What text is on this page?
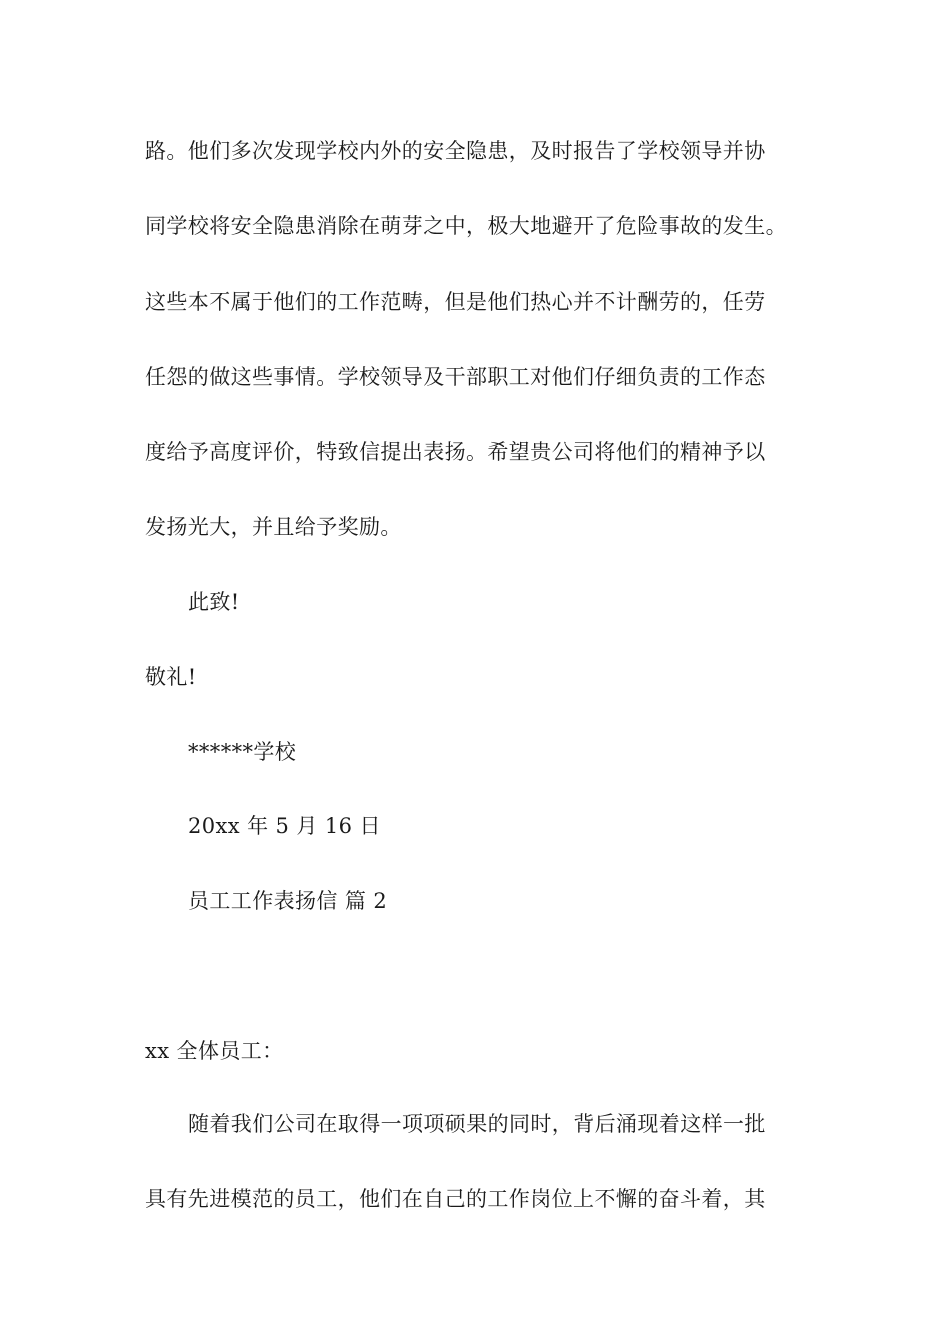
路。他们多次发现学校内外的安全隐患，及时报告了学校领导并协
同学校将安全隐患消除在萌芽之中，极大地避开了危险事故的发生。
这些本不属于他们的工作范畴，但是他们热心并不计酬劳的，任劳
任怨的做这些事情。学校领导及干部职工对他们仔细负责的工作态
度给予高度评价，特致信提出表扬。希望贵公司将他们的精神予以
发扬光大，并且给予奖励。
此致!
敬礼!
******学校
20xx 年 5 月 16 日
员工工作表扬信 篇 2
xx 全体员工：
随着我们公司在取得一项项硕果的同时，背后涌现着这样一批
具有先进模范的员工，他们在自己的工作岗位上不懈的奋斗着，其
